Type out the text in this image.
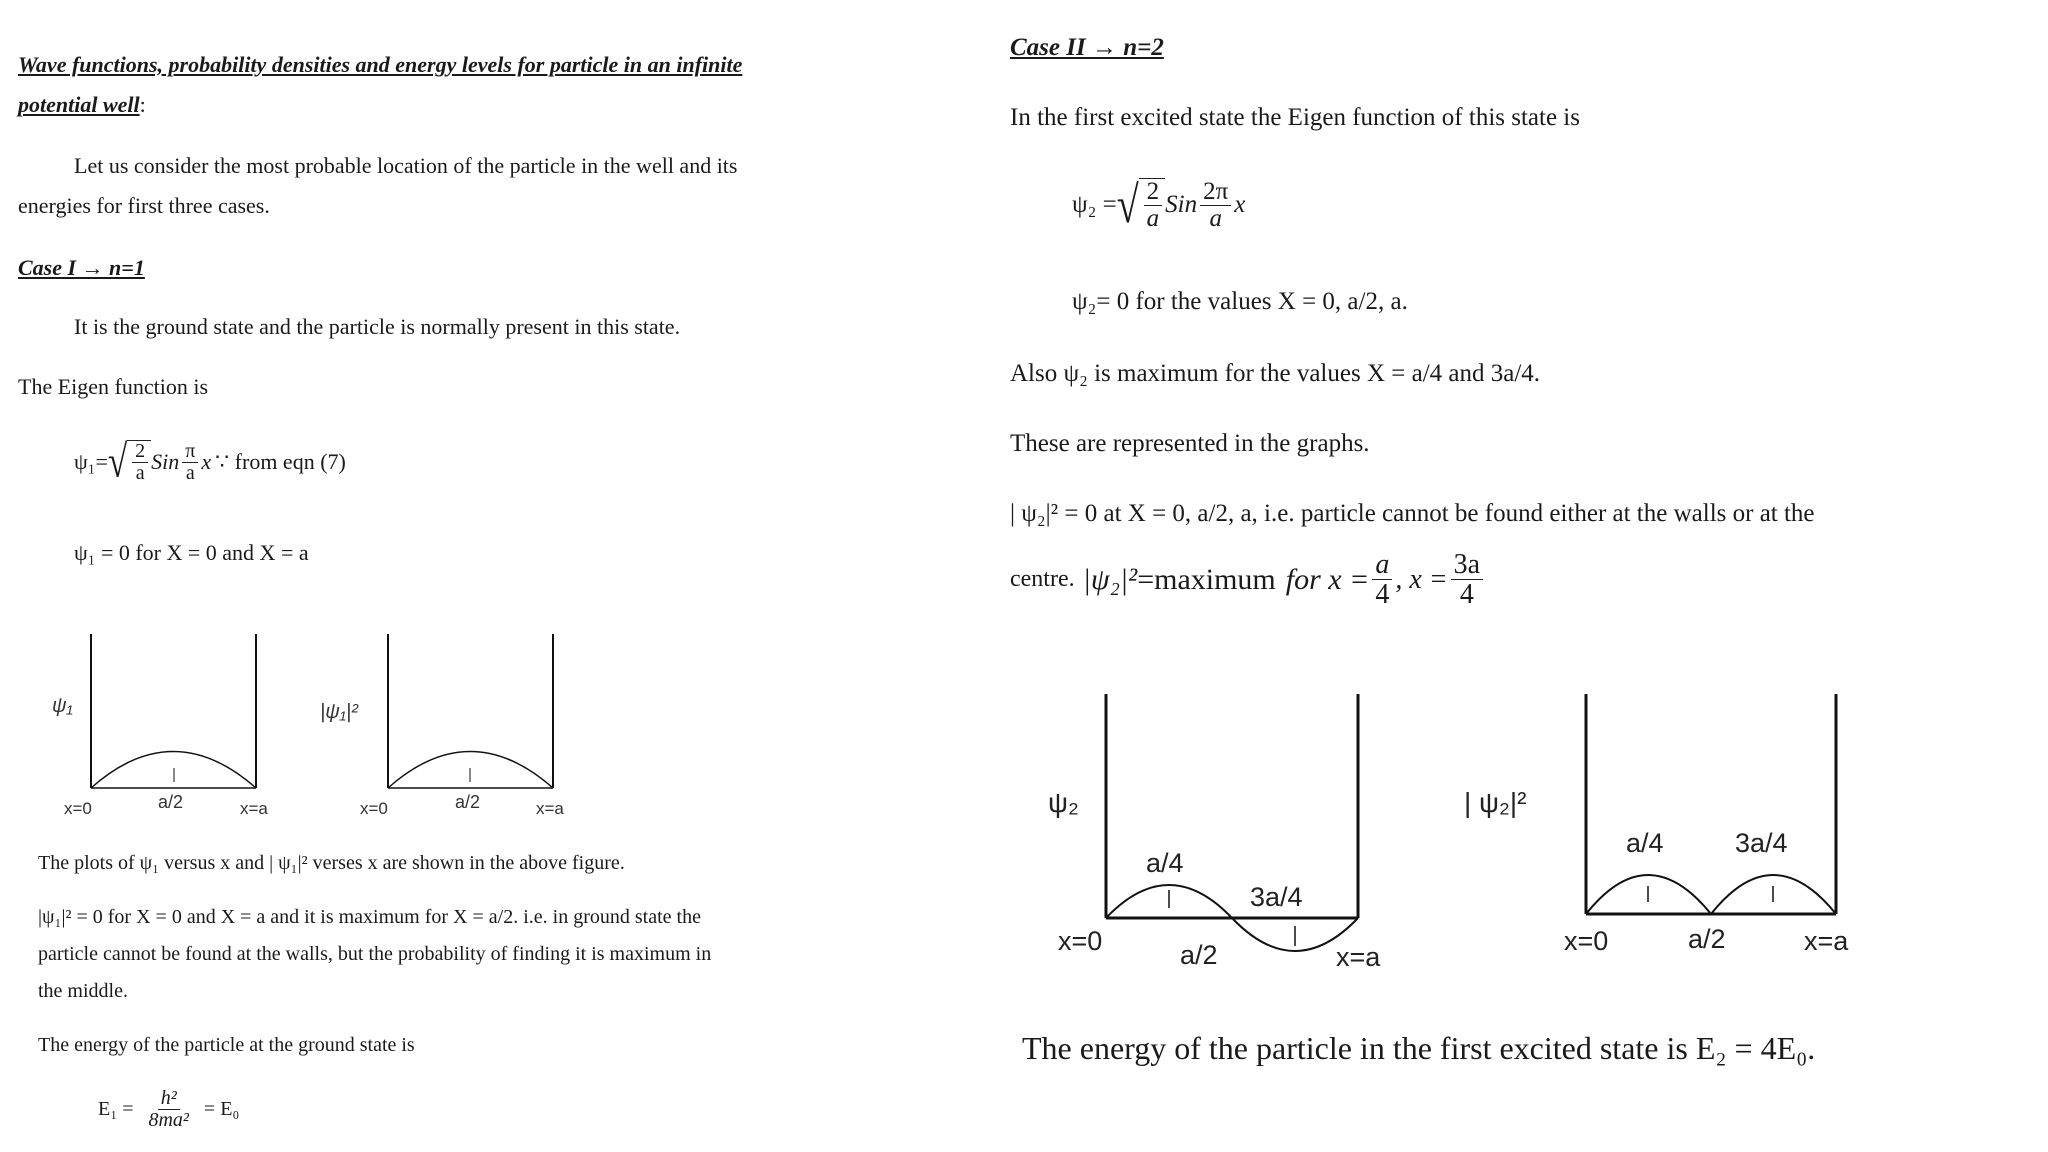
Wave functions, probability densities and energy levels for particle in an infinite
potential well:
Let us consider the most probable location of the particle in the well and its
energies for first three cases.
Case I → n=1
It is the ground state and the particle is normally present in this state.
The Eigen function is
ψ₁= √ $\frac{2}{a}$ Sin $\frac{\pi}{a}$ x ∵ from eqn (7)
ψ₁ = 0 for X = 0 and X = a
ψ₁
x=0	a/2	x=a
|ψ₁|²
x=0	a/2	x=a
The plots of ψ₁ versus x and | ψ₁|² verses x are shown in the above figure.
|ψ₁|² = 0 for X = 0 and X = a and it is maximum for X = a/2. i.e. in ground state the
particle cannot be found at the walls, but the probability of finding it is maximum in
the middle.
The energy of the particle at the ground state is
$E_1 = \frac{\text{h²}}{\text{8ma²}} = E_0$
Case II → n=2
In the first excited state the Eigen function of this state is
ψ₂ = √ $\frac{2}{a}$ Sin $\frac{2\pi}{a}$ x
ψ₂= 0 for the values X = 0, a/2, a.
Also ψ₂ is maximum for the values X = a/4 and 3a/4.
These are represented in the graphs.
| ψ₂|² = 0 at X = 0, a/2, a, i.e. particle cannot be found either at the walls or at the
centre. |ψ₂|² =maximum for $x = \frac{a}{4}$ , $x = \frac{3a}{4}$
ψ₂
a/4
3a/4
x=0	a/2	x=a
| ψ₂|²
a/4	3a/4
x=0	a/2	x=a
The energy of the particle in the first excited state is E₂ = 4E₀.
